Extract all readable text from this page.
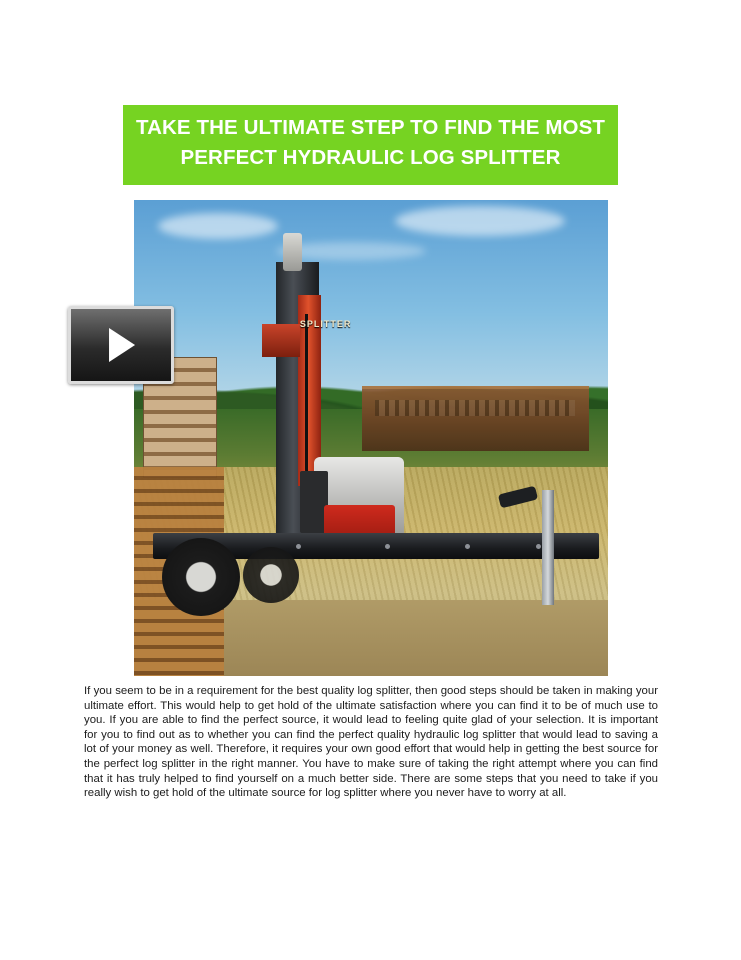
TAKE THE ULTIMATE STEP TO FIND THE MOST
PERFECT HYDRAULIC LOG SPLITTER
SPLITTER
If you seem to be in a requirement for the best quality log splitter, then good steps should be taken in making your ultimate effort. This would help to get hold of the ultimate satisfaction where you can find it to be of much use to you. If you are able to find the perfect source, it would lead to feeling quite glad of your selection. It is important for you to find out as to whether you can find the perfect quality hydraulic log splitter that would lead to saving a lot of your money as well. Therefore, it requires your own good effort that would help in getting the best source for the perfect log splitter in the right manner. You have to make sure of taking the right attempt where you can find that it has truly helped to find yourself on a much better side. There are some steps that you need to take if you really wish to get hold of the ultimate source for log splitter where you never have to worry at all.
